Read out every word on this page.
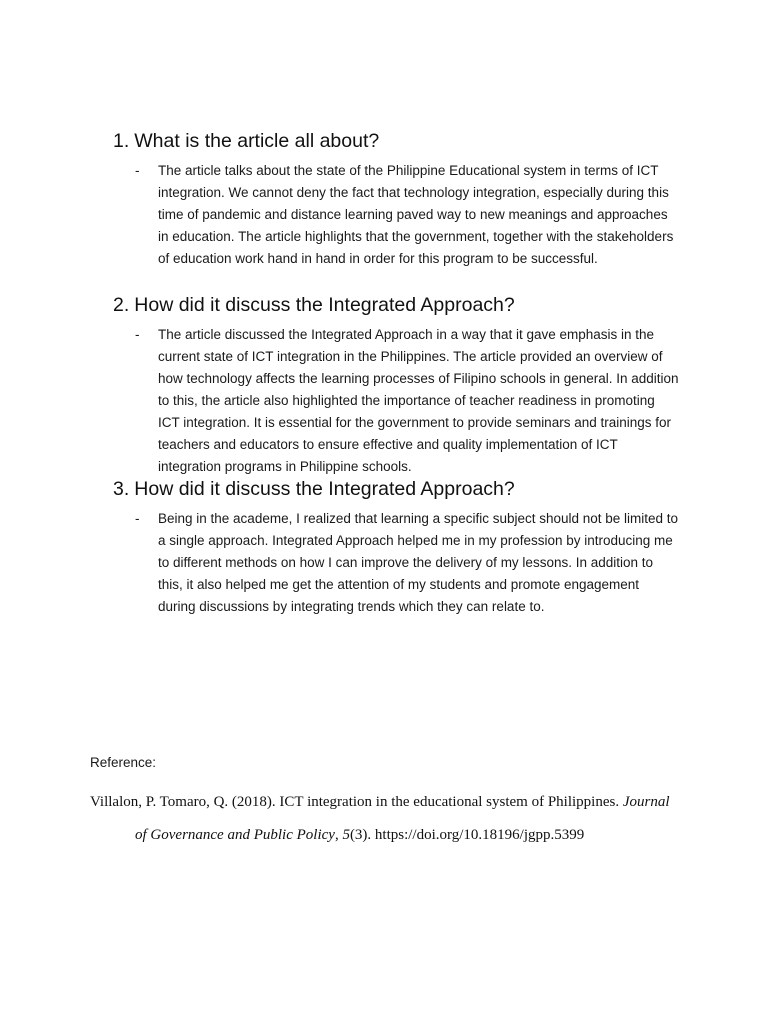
1. What is the article all about?
- The article talks about the state of the Philippine Educational system in terms of ICT integration. We cannot deny the fact that technology integration, especially during this time of pandemic and distance learning paved way to new meanings and approaches in education. The article highlights that the government, together with the stakeholders of education work hand in hand in order for this program to be successful.
2. How did it discuss the Integrated Approach?
- The article discussed the Integrated Approach in a way that it gave emphasis in the current state of ICT integration in the Philippines. The article provided an overview of how technology affects the learning processes of Filipino schools in general. In addition to this, the article also highlighted the importance of teacher readiness in promoting ICT integration. It is essential for the government to provide seminars and trainings for teachers and educators to ensure effective and quality implementation of ICT integration programs in Philippine schools.
3. How did it discuss the Integrated Approach?
- Being in the academe, I realized that learning a specific subject should not be limited to a single approach. Integrated Approach helped me in my profession by introducing me to different methods on how I can improve the delivery of my lessons. In addition to this, it also helped me get the attention of my students and promote engagement during discussions by integrating trends which they can relate to.
Reference:
Villalon, P. Tomaro, Q. (2018). ICT integration in the educational system of Philippines. Journal
of Governance and Public Policy, 5(3). https://doi.org/10.18196/jgpp.5399
